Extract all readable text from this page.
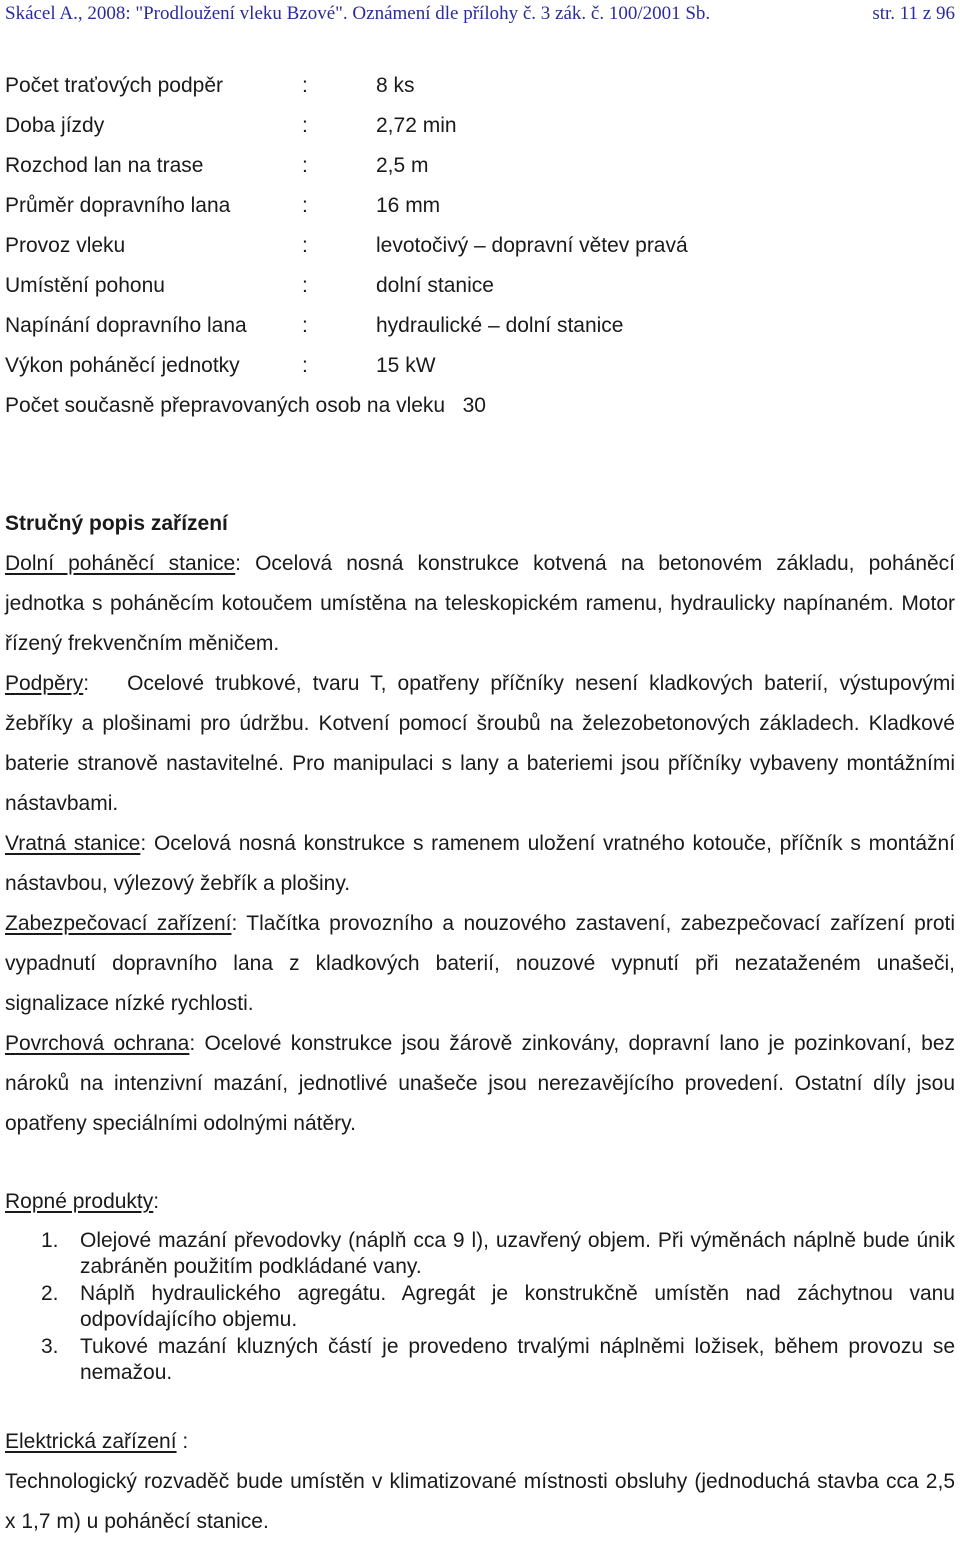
Skácel A., 2008: "Prodloužení vleku Bzové". Oznámení dle přílohy č. 3 zák. č. 100/2001 Sb.	str. 11 z 96
Počet traťových podpěr	:	8 ks
Doba jízdy	:	2,72 min
Rozchod lan na trase	:	2,5 m
Průměr dopravního lana	:	16 mm
Provoz vleku	:	levotočivý – dopravní větev pravá
Umístění pohonu	:	dolní stanice
Napínání dopravního lana	:	hydraulické – dolní stanice
Výkon poháněcí jednotky	:	15 kW
Počet současně přepravovaných osob na vleku   30
Stručný popis zařízení
Dolní poháněcí stanice: Ocelová nosná konstrukce kotvená na betonovém základu, poháněcí jednotka s poháněcím kotoučem umístěna na teleskopickém ramenu, hydraulicky napínaném. Motor řízený frekvenčním měničem.
Podpěry: Ocelové trubkové, tvaru T, opatřeny příčníky nesení kladkových baterií, výstupovými žebříky a plošinami pro údržbu. Kotvení pomocí šroubů na železobetonových základech. Kladkové baterie stranově nastavitelné. Pro manipulaci s lany a bateriemi jsou příčníky vybaveny montážními nástavbami.
Vratná stanice: Ocelová nosná konstrukce s ramenem uložení vratného kotouče, příčník s montážní nástavbou, výlezový žebřík a plošiny.
Zabezpečovací zařízení: Tlačítka provozního a nouzového zastavení, zabezpečovací zařízení proti vypadnutí dopravního lana z kladkových baterií, nouzové vypnutí při nezataženém unašeči, signalizace nízké rychlosti.
Povrchová ochrana: Ocelové konstrukce jsou žárově zinkovány, dopravní lano je pozinkovaní, bez nároků na intenzivní mazání, jednotlivé unašeče jsou nerezavějícího provedení. Ostatní díly jsou opatřeny speciálními odolnými nátěry.
Ropné produkty:
1. Olejové mazání převodovky (náplň cca 9 l), uzavřený objem. Při výměnách náplně bude únik zabráněn použitím podkládané vany.
2. Náplň hydraulického agregátu. Agregát je konstrukčně umístěn nad záchytnou vanu odpovídajícího objemu.
3. Tukové mazání kluzných částí je provedeno trvalými náplněmi ložisek, během provozu se nemažou.
Elektrická zařízení :
Technologický rozvaděč bude umístěn v klimatizované místnosti obsluhy (jednoduchá stavba cca 2,5 x 1,7 m) u poháněcí stanice.
